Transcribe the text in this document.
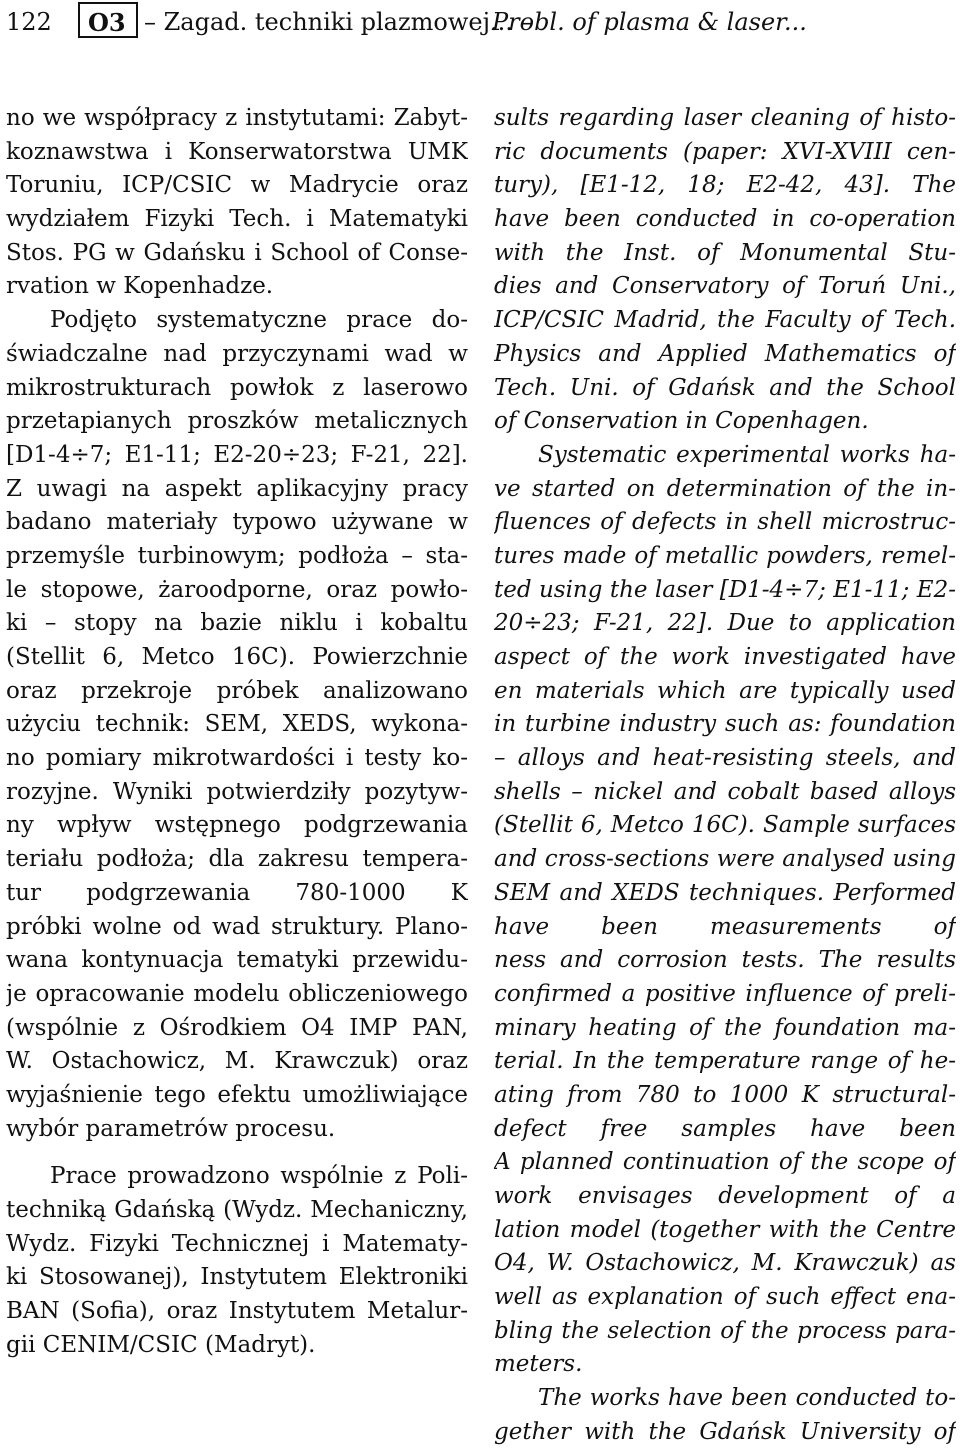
122 O3 – Zagad. techniki plazmowej... –
Probl. of plasma & laser...
no we współpracy z instytutami: Zabyt-
koznawstwa i Konserwatorstwa UMK
Toruniu, ICP/CSIC w Madrycie oraz
wydziałem Fizyki Tech. i Matematyki
Stos. PG w Gdańsku i School of Conse-
rvation w Kopenhadze.
Podjęto systematyczne prace do-
świadczalne nad przyczynami wad w
mikrostrukturach powłok z laserowo
przetapianych proszków metalicznych
[D1-4÷7; E1-11; E2-20÷23; F-21, 22].
Z uwagi na aspekt aplikacyjny pracy
badano materiały typowo używane w
przemyśle turbinowym; podłoża – sta-
le stopowe, żaroodporne, oraz powło-
ki – stopy na bazie niklu i kobaltu
(Stellit 6, Metco 16C). Powierzchnie
oraz przekroje próbek analizowano
użyciu technik: SEM, XEDS, wykona-
no pomiary mikrotwardości i testy ko-
rozyjne. Wyniki potwierdziły pozytyw-
ny wpływ wstępnego podgrzewania
teriału podłoża; dla zakresu tempera-
tur podgrzewania 780-1000 K
próbki wolne od wad struktury. Plano-
wana kontynuacja tematyki przewidu-
je opracowanie modelu obliczeniowego
(wspólnie z Ośrodkiem O4 IMP PAN,
W. Ostachowicz, M. Krawczuk) oraz
wyjaśnienie tego efektu umożliwiające
wybór parametrów procesu.
Prace prowadzono wspólnie z Poli-
techniką Gdańską (Wydz. Mechaniczny,
Wydz. Fizyki Technicznej i Matematy-
ki Stosowanej), Instytutem Elektroniki
BAN (Sofia), oraz Instytutem Metalur-
gii CENIM/CSIC (Madryt).
sults regarding laser cleaning of histo-
ric documents (paper: XVI-XVIII cen-
tury), [E1-12, 18; E2-42, 43]. The
have been conducted in co-operation
with the Inst. of Monumental Stu-
dies and Conservatory of Toruń Uni.,
ICP/CSIC Madrid, the Faculty of Tech.
Physics and Applied Mathematics of
Tech. Uni. of Gdańsk and the School
of Conservation in Copenhagen.
Systematic experimental works ha-
ve started on determination of the in-
fluences of defects in shell microstruc-
tures made of metallic powders, remel-
ted using the laser [D1-4÷7; E1-11; E2-
20÷23; F-21, 22]. Due to application
aspect of the work investigated have
en materials which are typically used
in turbine industry such as: foundation
– alloys and heat-resisting steels, and
shells – nickel and cobalt based alloys
(Stellit 6, Metco 16C). Sample surfaces
and cross-sections were analysed using
SEM and XEDS techniques. Performed
have been measurements of
ness and corrosion tests. The results
confirmed a positive influence of preli-
minary heating of the foundation ma-
terial. In the temperature range of he-
ating from 780 to 1000 K structural-
defect free samples have been
A planned continuation of the scope of
work envisages development of a
lation model (together with the Centre
O4, W. Ostachowicz, M. Krawczuk) as
well as explanation of such effect ena-
bling the selection of the process para-
meters.
The works have been conducted to-
gether with the Gdańsk University of
